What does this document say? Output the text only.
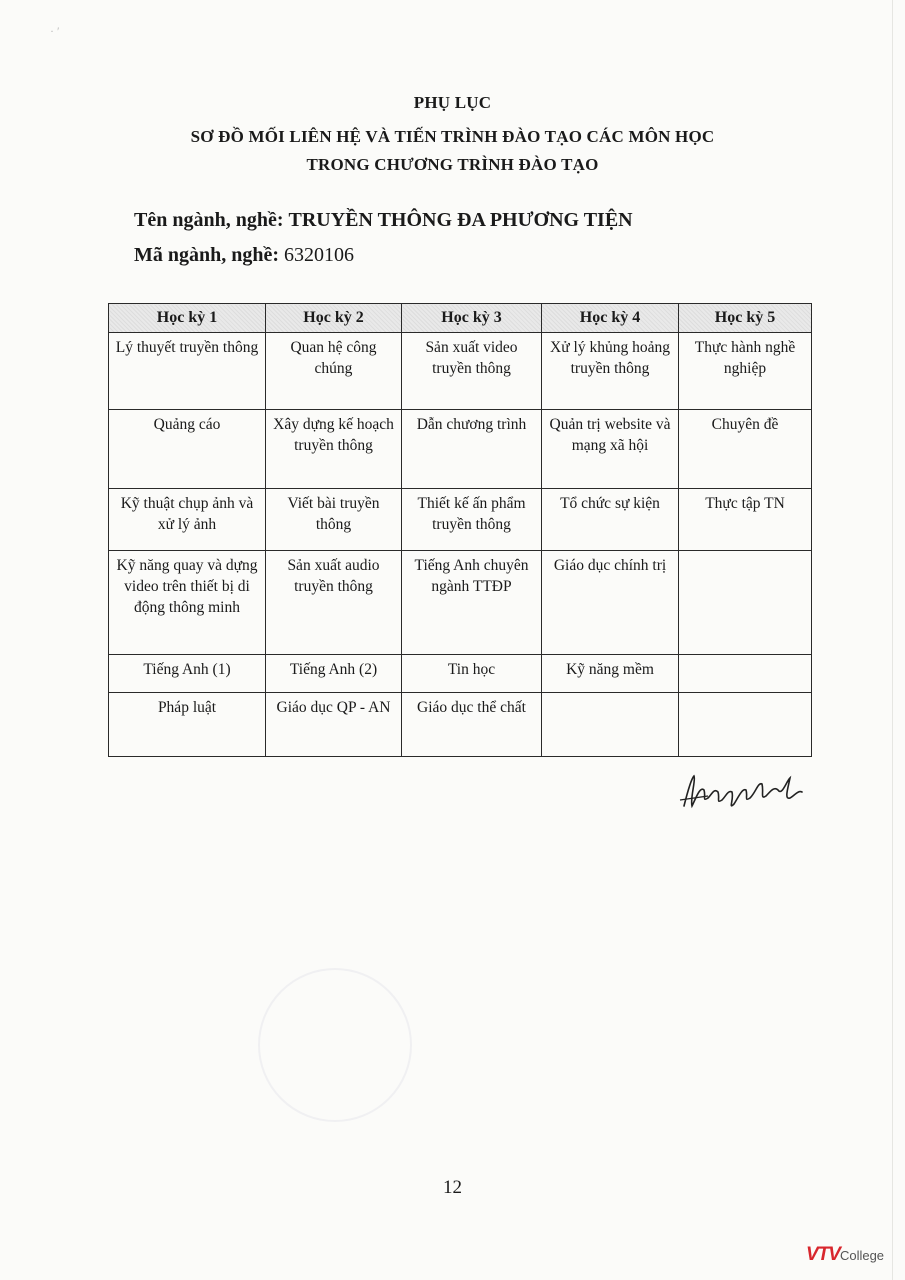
· ′
PHỤ LỤC
SƠ ĐỒ MỐI LIÊN HỆ VÀ TIẾN TRÌNH ĐÀO TẠO CÁC MÔN HỌC
TRONG CHƯƠNG TRÌNH ĐÀO TẠO
Tên ngành, nghề: TRUYỀN THÔNG ĐA PHƯƠNG TIỆN
Mã ngành, nghề: 6320106
Học kỳ 1	Học kỳ 2	Học kỳ 3	Học kỳ 4	Học kỳ 5
Lý thuyết truyền thông	Quan hệ công chúng	Sản xuất video truyền thông	Xử lý khủng hoảng truyền thông	Thực hành nghề nghiệp
Quảng cáo	Xây dựng kế hoạch truyền thông	Dẫn chương trình	Quản trị website và mạng xã hội	Chuyên đề
Kỹ thuật chụp ảnh và xử lý ảnh	Viết bài truyền thông	Thiết kế ấn phẩm truyền thông	Tổ chức sự kiện	Thực tập TN
Kỹ năng quay và dựng video trên thiết bị di động thông minh	Sản xuất audio truyền thông	Tiếng Anh chuyên ngành TTĐP	Giáo dục chính trị	
Tiếng Anh (1)	Tiếng Anh (2)	Tin học	Kỹ năng mềm	
Pháp luật	Giáo dục QP - AN	Giáo dục thể chất		
12
VTVCollege
